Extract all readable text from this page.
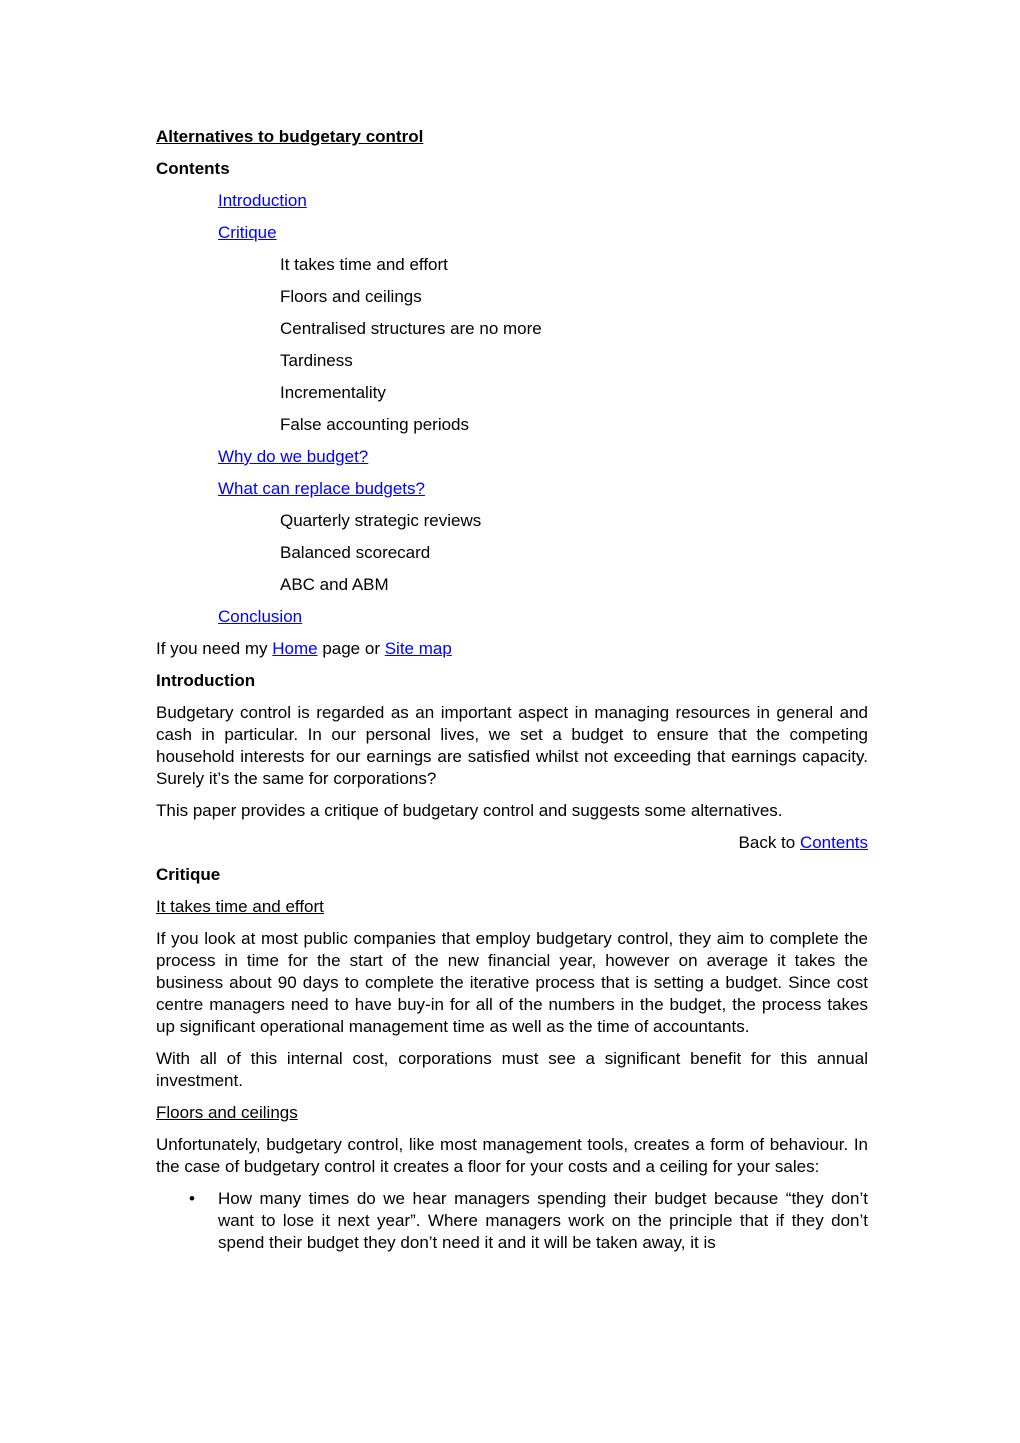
Alternatives to budgetary control
Contents
Introduction
Critique
It takes time and effort
Floors and ceilings
Centralised structures are no more
Tardiness
Incrementality
False accounting periods
Why do we budget?
What can replace budgets?
Quarterly strategic reviews
Balanced scorecard
ABC and ABM
Conclusion
If you need my Home page or Site map
Introduction
Budgetary control is regarded as an important aspect in managing resources in general and cash in particular. In our personal lives, we set a budget to ensure that the competing household interests for our earnings are satisfied whilst not exceeding that earnings capacity. Surely it’s the same for corporations?
This paper provides a critique of budgetary control and suggests some alternatives.
Back to Contents
Critique
It takes time and effort
If you look at most public companies that employ budgetary control, they aim to complete the process in time for the start of the new financial year, however on average it takes the business about 90 days to complete the iterative process that is setting a budget. Since cost centre managers need to have buy-in for all of the numbers in the budget, the process takes up significant operational management time as well as the time of accountants.
With all of this internal cost, corporations must see a significant benefit for this annual investment.
Floors and ceilings
Unfortunately, budgetary control, like most management tools, creates a form of behaviour. In the case of budgetary control it creates a floor for your costs and a ceiling for your sales:
• How many times do we hear managers spending their budget because “they don’t want to lose it next year”. Where managers work on the principle that if they don’t spend their budget they don’t need it and it will be taken away, it is
